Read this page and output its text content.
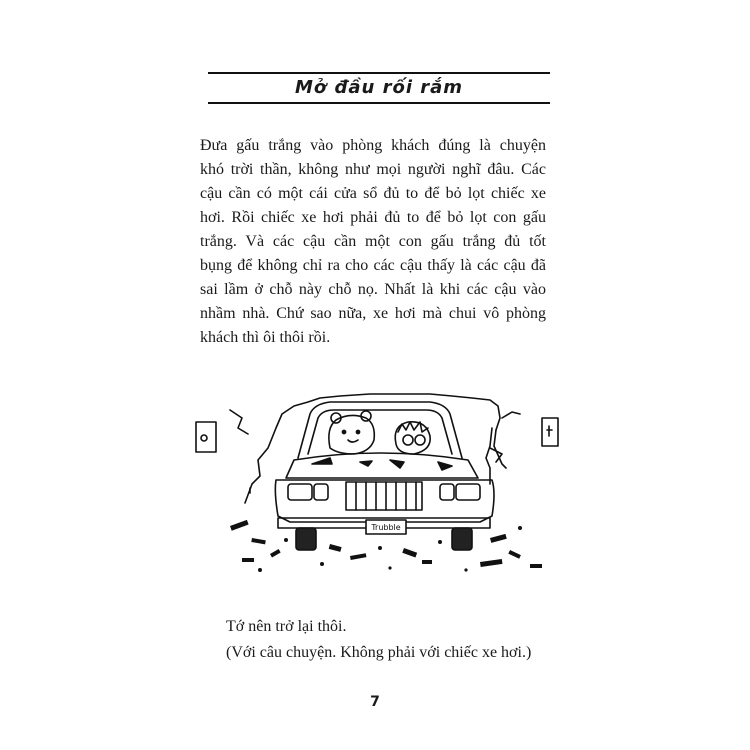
Mở đầu rối rắm

Đưa gấu trắng vào phòng khách đúng là chuyện
khó trời thần, không như mọi người nghĩ đâu. Các
cậu cần có một cái cửa sổ đủ to để bỏ lọt chiếc xe
hơi. Rồi chiếc xe hơi phải đủ to để bỏ lọt con gấu
trắng. Và các cậu cần một con gấu trắng đủ tốt
bụng để không chỉ ra cho các cậu thấy là các cậu đã
sai lầm ở chỗ này chỗ nọ. Nhất là khi các cậu vào
nhầm nhà. Chứ sao nữa, xe hơi mà chui vô phòng
khách thì ôi thôi rồi.

Trubble

Tớ nên trở lại thôi.
(Với câu chuyện. Không phải với chiếc xe hơi.)

7
